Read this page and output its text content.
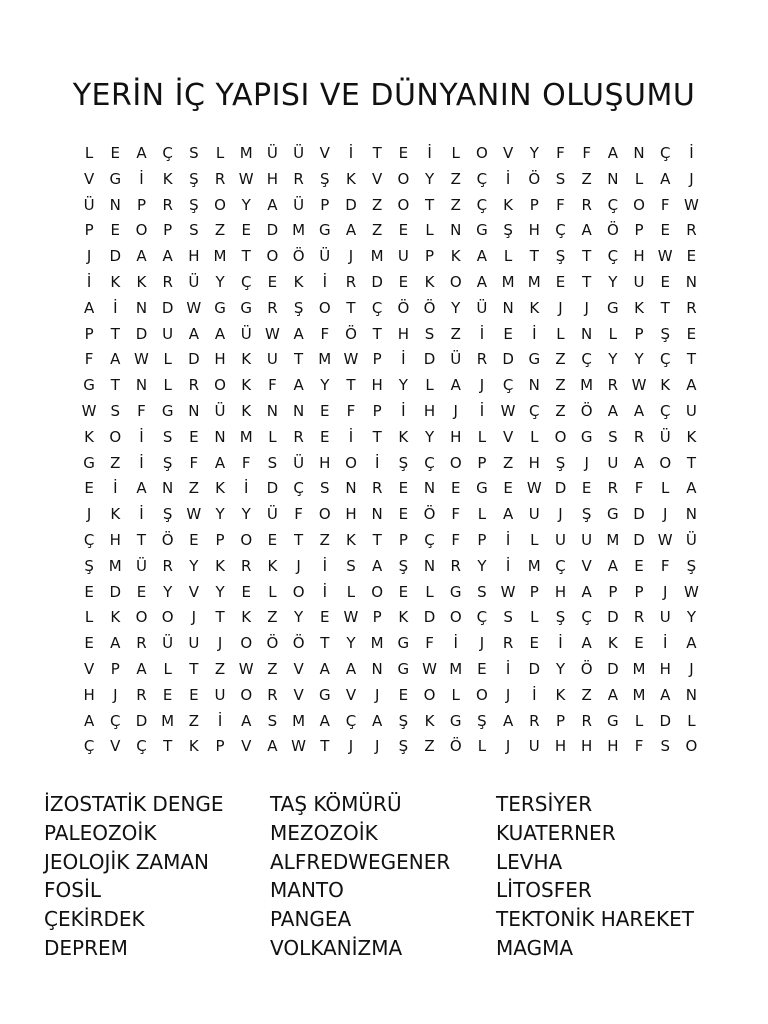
YERİN İÇ YAPISI VE DÜNYANIN OLUŞUMU
L	E	A	Ç	S	L	M Ü	Ü	V	İ	T	E	İ	L	O	V	Y	F	F	A	N	Ç	İ
V	G	İ	K	Ş	R W H	R	Ş	K	V	O	Y	Z	Ç	İ	Ö	S	Z	N	L	A	J
Ü	N	P	R	Ş	O	Y	A	Ü	P	D	Z	O	T	Z	Ç	K	P	F	R	Ç	O	F W
P	E	O	P	S	Z	E	D M G	A	Z	E	L	N G	Ş	H	Ç	A	Ö	P	E	R
J	D	A	A	H M	T	O Ö Ü	J	M U	P	K	A	L	T	Ş	T	Ç	H W E
İ	K	K	R	Ü	Y	Ç	E	K	İ	R	D	E	K	O	A M M E	T	Y	U	E	N
A	İ	N D W G G	R	Ş	O	T	Ç	Ö Ö	Y	Ü	N	K	J	J	G	K	T	R
P	T	D U	A	A	Ü W A	F	Ö	T	H	S	Z	İ	E	İ	L	N	L	P	Ş	E
F	A W L	D H	K	U	T	M W P	İ	D Ü	R	D G	Z	Ç	Y	Y	Ç	T
G	T	N	L	R	O	K	F	A	Y	T	H	Y	L	A	J	Ç	N	Z M R W K	A
W S	F	G N	Ü	K	N N	E	F	P	İ	H	J	İ	W Ç	Z	Ö	A	A	Ç	U
K	O	İ	S	E	N M	L	R	E	İ	T	K	Y	H	L	V	L	O G	S	R	Ü	K
G	Z	İ	Ş	F	A	F	S	Ü	H O	İ	Ş	Ç	O	P	Z	H	Ş	J	U	A	O	T
E	İ	A	N	Z	K	İ	D	Ç	S	N	R	E	N	E	G	E W D	E	R	F	L	A
J	K	İ	Ş W Y	Y	Ü	F	O H N	E	Ö	F	L	A	U	J	Ş	G D	J	N
Ç	H	T	Ö	E	P	O	E	T	Z	K	T	P	Ç	F	P	İ	L	U	U M D W Ü
Ş M Ü	R	Y	K	R	K	J	İ	S	A	Ş	N	R	Y	İ	M Ç	V	A	E	F	Ş
E	D	E	Y	V	Y	E	L	O	İ	L	O	E	L	G	S W P	H	A	P	P	J	W
L	K	O O	J	T	K	Z	Y	E W P	K	D O	Ç	S	L	Ş	Ç	D	R	U	Y
E	A	R	Ü	U	J	O Ö Ö	T	Y	M G	F	İ	J	R	E	İ	A	K	E	İ	A
V	P	A	L	T	Z W Z	V	A	A	N G W M E	İ	D	Y	Ö D M H	J
H	J	R	E	E	U O	R	V	G	V	J	E	O	L	O	J	İ	K	Z	A M A	N
A	Ç	D M Z	İ	A	S M A	Ç	A	Ş	K	G	Ş	A	R	P	R	G	L	D	L
Ç	V	Ç	T	K	P	V	A W T	J	J	Ş	Z	Ö	L	J	U	H H H	F	S	O
İZOSTATİK DENGE	TAŞ KÖMÜRÜ	TERSİYER
PALEOZOİK	MEZOZOİK	KUATERNER
JEOLOJİK ZAMAN	ALFREDWEGENER	LEVHA
FOSİL	MANTO	LİTOSFER
ÇEKİRDEK	PANGEA	TEKTONİK HAREKET
DEPREM	VOLKANİZMA	MAGMA
